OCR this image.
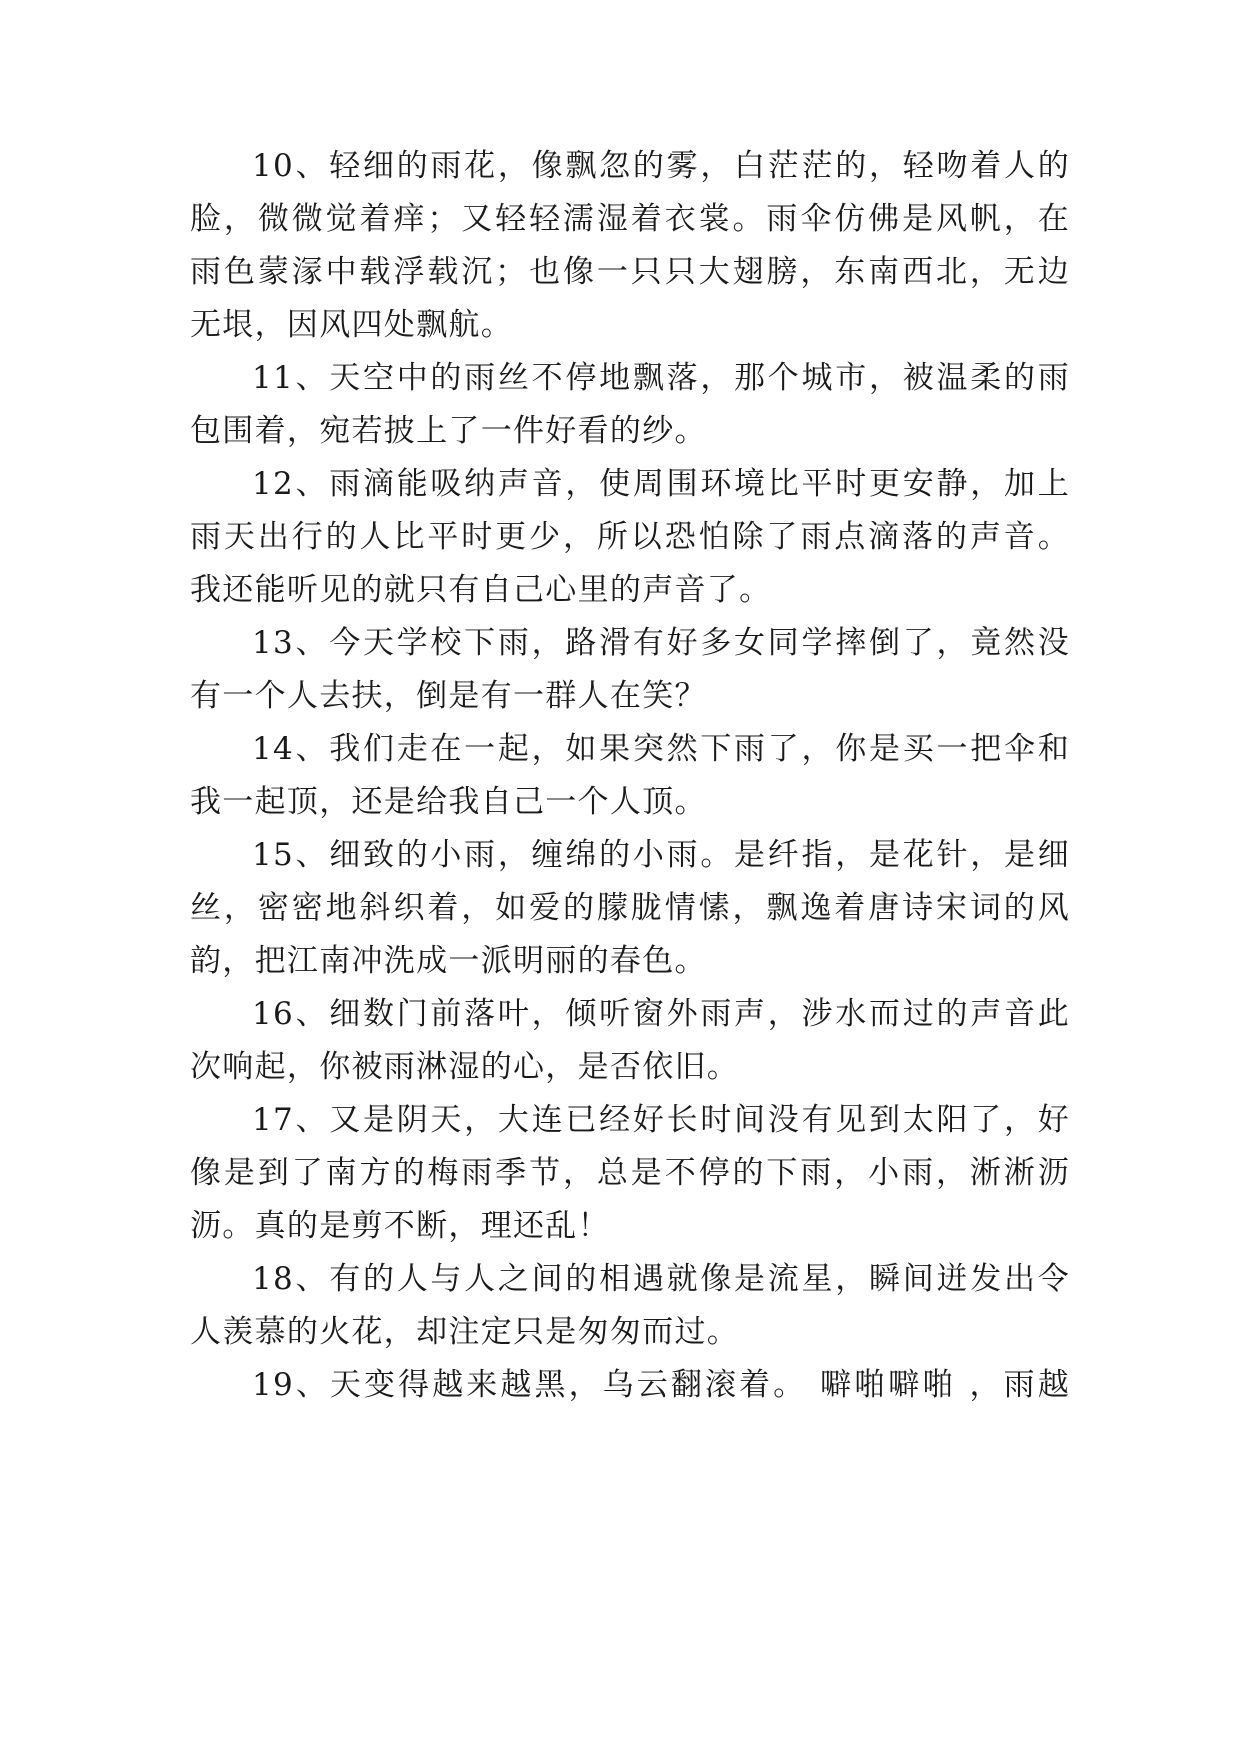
10、轻细的雨花，像飘忽的雾，白茫茫的，轻吻着人的
脸，微微觉着痒；又轻轻濡湿着衣裳。雨伞仿佛是风帆，在
雨色蒙溕中载浮载沉；也像一只只大翅膀，东南西北，无边
无垠，因风四处飘航。
11、天空中的雨丝不停地飘落，那个城市，被温柔的雨
包围着，宛若披上了一件好看的纱。
12、雨滴能吸纳声音，使周围环境比平时更安静，加上
雨天出行的人比平时更少，所以恐怕除了雨点滴落的声音。
我还能听见的就只有自己心里的声音了。
13、今天学校下雨，路滑有好多女同学摔倒了，竟然没
有一个人去扶，倒是有一群人在笑？
14、我们走在一起，如果突然下雨了，你是买一把伞和
我一起顶，还是给我自己一个人顶。
15、细致的小雨，缠绵的小雨。是纤指，是花针，是细
丝，密密地斜织着，如爱的朦胧情愫，飘逸着唐诗宋词的风
韵，把江南冲洗成一派明丽的春色。
16、细数门前落叶，倾听窗外雨声，涉水而过的声音此
次响起，你被雨淋湿的心，是否依旧。
17、又是阴天，大连已经好长时间没有见到太阳了，好
像是到了南方的梅雨季节，总是不停的下雨，小雨，淅淅沥
沥。真的是剪不断，理还乱！
18、有的人与人之间的相遇就像是流星，瞬间迸发出令
人羡慕的火花，却注定只是匆匆而过。
19、天变得越来越黑，乌云翻滚着。 噼啪噼啪 ，雨越
